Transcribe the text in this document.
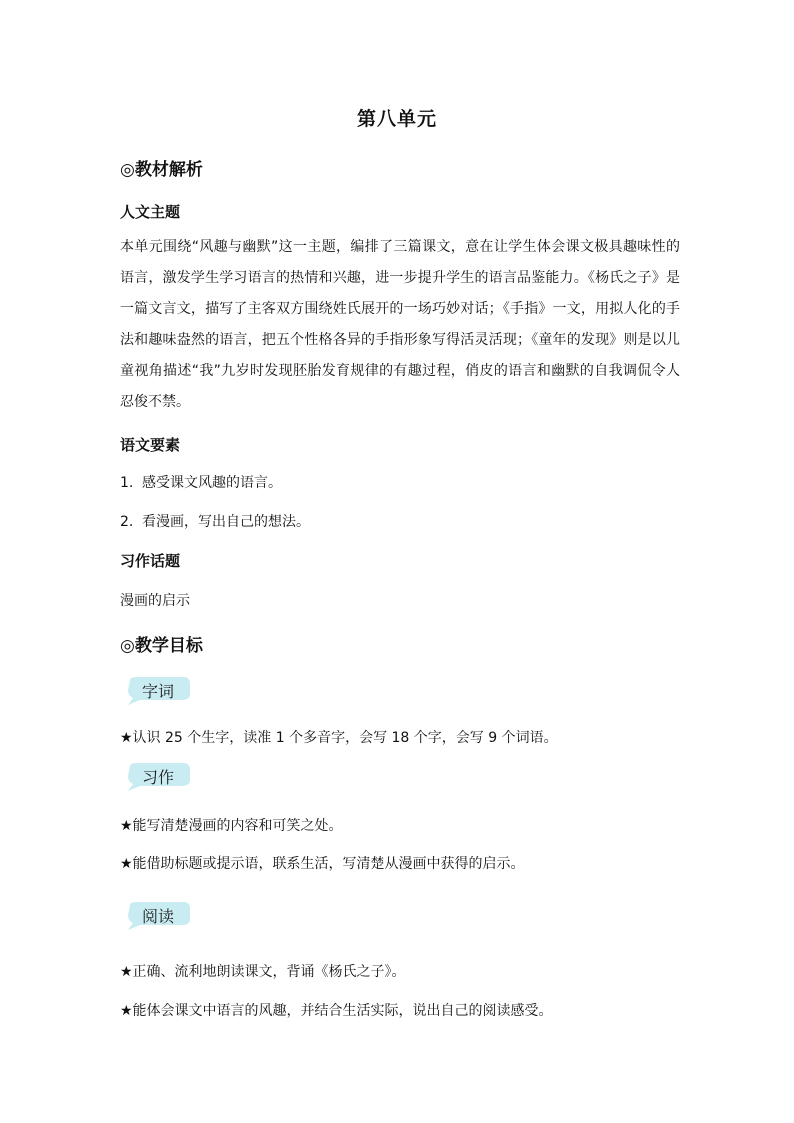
第八单元
◎教材解析
人文主题
本单元围绕“风趣与幽默”这一主题，编排了三篇课文，意在让学生体会课文极具趣味性的语言，激发学生学习语言的热情和兴趣，进一步提升学生的语言品鉴能力。《杨氏之子》是一篇文言文，描写了主客双方围绕姓氏展开的一场巧妙对话；《手指》一文，用拟人化的手法和趣味盎然的语言，把五个性格各异的手指形象写得活灵活现；《童年的发现》则是以儿童视角描述“我”九岁时发现胚胎发育规律的有趣过程，俏皮的语言和幽默的自我调侃令人忍俊不禁。
语文要素
1. 感受课文风趣的语言。
2. 看漫画，写出自己的想法。
习作话题
漫画的启示
◎教学目标
字词
★认识 25 个生字，读准 1 个多音字，会写 18 个字，会写 9 个词语。
习作
★能写清楚漫画的内容和可笑之处。
★能借助标题或提示语，联系生活，写清楚从漫画中获得的启示。
阅读
★正确、流利地朗读课文，背诵《杨氏之子》。
★能体会课文中语言的风趣，并结合生活实际，说出自己的阅读感受。
